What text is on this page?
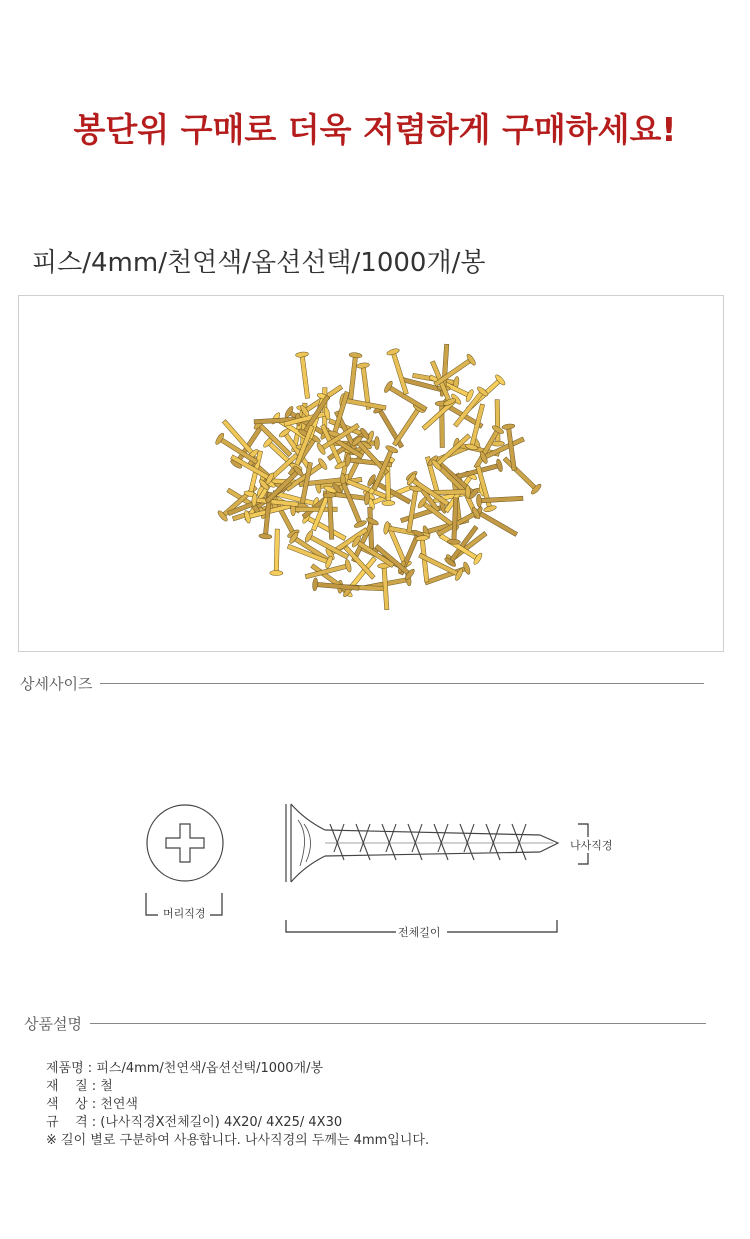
봉단위 구매로 더욱 저렴하게 구매하세요!
피스/4mm/천연색/옵션선택/1000개/봉
상세사이즈
머리직경
나사직경
전체길이
상품설명
제품명 : 피스/4mm/천연색/옵션선택/1000개/봉
재    질 : 철
색    상 : 천연색
규    격 : (나사직경X전체길이) 4X20/ 4X25/ 4X30
※ 길이 별로 구분하여 사용합니다. 나사직경의 두께는 4mm입니다.
